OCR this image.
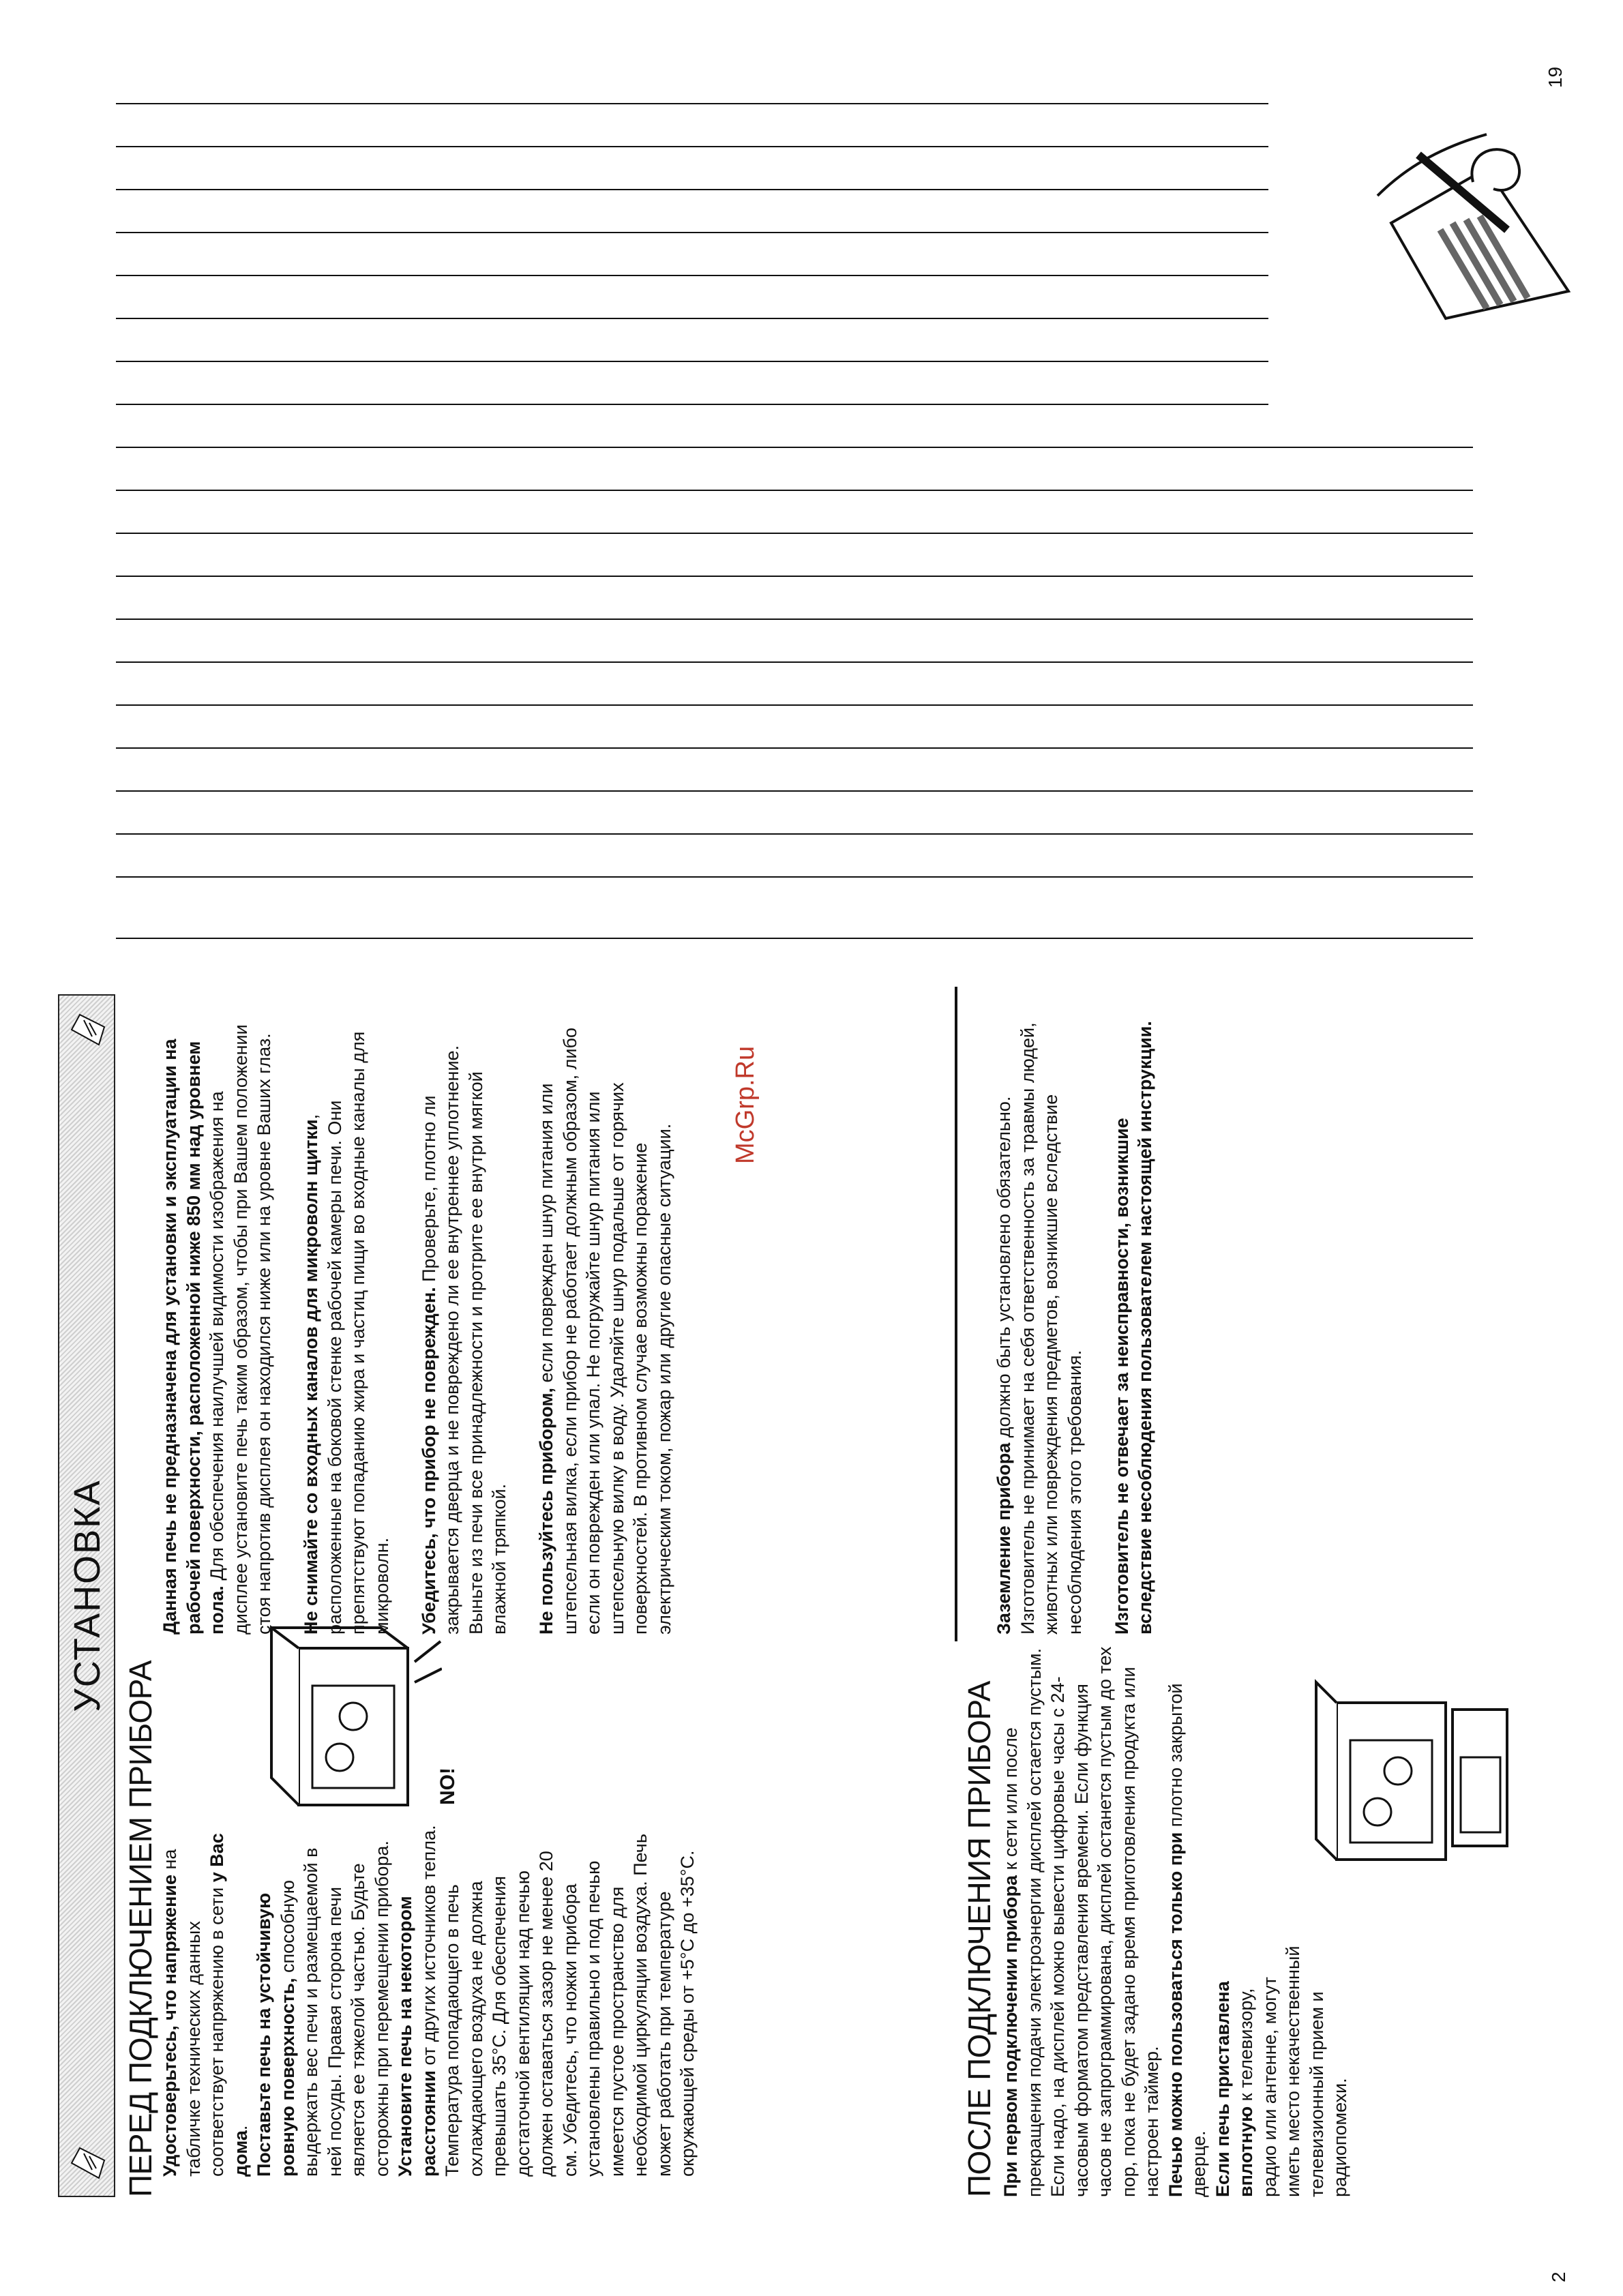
УСТАНОВКА
ПЕРЕД ПОДКЛЮЧЕНИЕМ ПРИБОРА	NO!
Удостоверьтесь, что напряжение на табличке технических данных соответствует напряжению в сети у Вас дома. Поставьте печь на устойчивую ровную поверхность, способную выдержать вес печи и размещаемой в ней посуды. Правая сторона печи является ее тяжелой частью. Будьте осторожны при перемещении прибора. Установите печь на некотором расстоянии от других источников тепла. Температура попадающего в печь охлаждающего воздуха не должна превышать 35°С. Для обеспечения достаточной вентиляции над печью должен оставаться зазор не менее 20 см. Убедитесь, что ножки прибора установлены правильно и под печью имеется пустое пространство для необходимой циркуляции воздуха. Печь может работать при температуре окружающей среды от +5°С до +35°С.	ПОСЛЕ ПОДКЛЮЧЕНИЯ ПРИБОРА При первом подключении прибора к сети или после прекращения подачи электроэнергии дисплей остается пустым. Если надо, на дисплей можно вывести цифровые часы с 24-часовым форматом представления времени. Если функция часов не запрограммирована, дисплей останется пустым до тех пор, пока не будет задано время приготовления продукта или настроен таймер. Печью можно пользоваться только при плотно закрытой дверце. Если печь приставлена вплотную к телевизору, радио или антенне, могут иметь место некачественный телевизионный прием и радиопомехи.
Данная печь не предназначена для установки и эксплуатации на рабочей поверхности, расположенной ниже 850 мм над уровнем пола. Для обеспечения наилучшей видимости изображения на дисплее установите печь таким образом, чтобы при Вашем положении стоя напротив дисплея он находился ниже или на уровне Ваших глаз. Не снимайте со входных каналов для микроволн щитки, расположенные на боковой стенке рабочей камеры печи. Они препятствуют попаданию жира и частиц пищи во входные каналы для микроволн. Убедитесь, что прибор не поврежден. Проверьте, плотно ли закрывается дверца и не повреждено ли ее внутреннее уплотнение. Выньте из печи все принадлежности и протрите ее внутри мягкой влажной тряпкой. Не пользуйтесь прибором, если поврежден шнур питания или штепсельная вилка, если прибор не работает должным образом, либо если он поврежден или упал. Не погружайте шнур питания или штепсельную вилку в воду. Удаляйте шнур подальше от горячих поверхностей. В противном случае возможны поражение электрическим током, пожар или другие опасные ситуации.	Заземление прибора должно быть установлено обязательно. Изготовитель не принимает на себя ответственность за травмы людей, животных или повреждения предметов, возникшие вследствие несоблюдения этого требования. Изготовитель не отвечает за неисправности, возникшие вследствие несоблюдения пользователем настоящей инструкции.
McGrp.Ru
2
19
